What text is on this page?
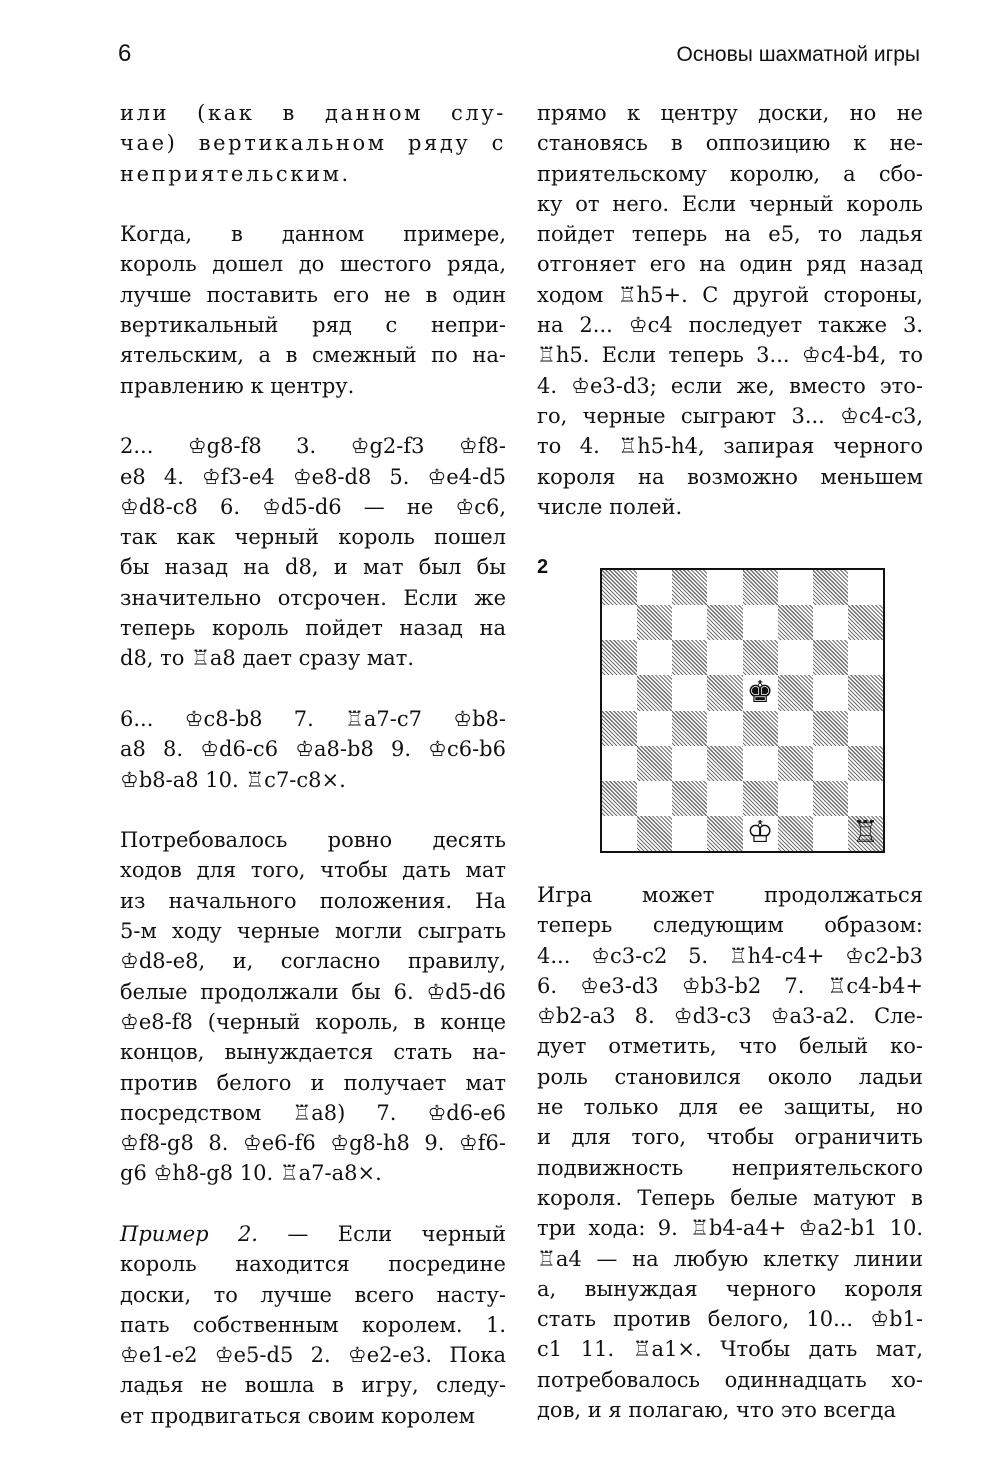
6	Основы шахматной игры

или (как в данном слу-
чае) вертикальном ряду с
неприятельским.

Когда, в данном примере,
король дошел до шестого ряда,
лучше поставить его не в один
вертикальный ряд с непри-
ятельским, а в смежный по на-
правлению к центру.

2... ♔g8-f8 3. ♔g2-f3 ♔f8-
e8 4. ♔f3-e4 ♔e8-d8 5. ♔e4-d5
♔d8-c8 6. ♔d5-d6 — не ♔c6,
так как черный король пошел
бы назад на d8, и мат был бы
значительно отсрочен. Если же
теперь король пойдет назад на
d8, то ♖a8 дает сразу мат.

6... ♔c8-b8 7. ♖a7-c7 ♔b8-
a8 8. ♔d6-c6 ♔a8-b8 9. ♔c6-b6
♔b8-a8 10. ♖c7-c8×.

Потребовалось ровно десять
ходов для того, чтобы дать мат
из начального положения. На
5-м ходу черные могли сыграть
♔d8-e8, и, согласно правилу,
белые продолжали бы 6. ♔d5-d6
♔e8-f8 (черный король, в конце
концов, вынуждается стать на-
против белого и получает мат
посредством ♖a8) 7. ♔d6-e6
♔f8-g8 8. ♔e6-f6 ♔g8-h8 9. ♔f6-
g6 ♔h8-g8 10. ♖a7-a8×.

Пример 2. — Если черный
король находится посредине
доски, то лучше всего насту-
пать собственным королем. 1.
♔e1-e2 ♔e5-d5 2. ♔e2-e3. Пока
ладья не вошла в игру, следу-
ет продвигаться своим королем

прямо к центру доски, но не
становясь в оппозицию к не-
приятельскому королю, а сбо-
ку от него. Если черный король
пойдет теперь на e5, то ладья
отгоняет его на один ряд назад
ходом ♖h5+. С другой стороны,
на 2... ♔c4 последует также 3.
♖h5. Если теперь 3... ♔c4-b4, то
4. ♔e3-d3; если же, вместо это-
го, черные сыграют 3... ♔c4-c3,
то 4. ♖h5-h4, запирая черного
короля на возможно меньшем
числе полей.

2
♚
♔	♖

Игра может продолжаться
теперь следующим образом:
4... ♔c3-c2 5. ♖h4-c4+ ♔c2-b3
6. ♔e3-d3 ♔b3-b2 7. ♖c4-b4+
♔b2-a3 8. ♔d3-c3 ♔a3-a2. Сле-
дует отметить, что белый ко-
роль становился около ладьи
не только для ее защиты, но
и для того, чтобы ограничить
подвижность неприятельского
короля. Теперь белые матуют в
три хода: 9. ♖b4-a4+ ♔a2-b1 10.
♖a4 — на любую клетку линии
a, вынуждая черного короля
стать против белого, 10... ♔b1-
c1 11. ♖a1×. Чтобы дать мат,
потребовалось одиннадцать хо-
дов, и я полагаю, что это всегда
